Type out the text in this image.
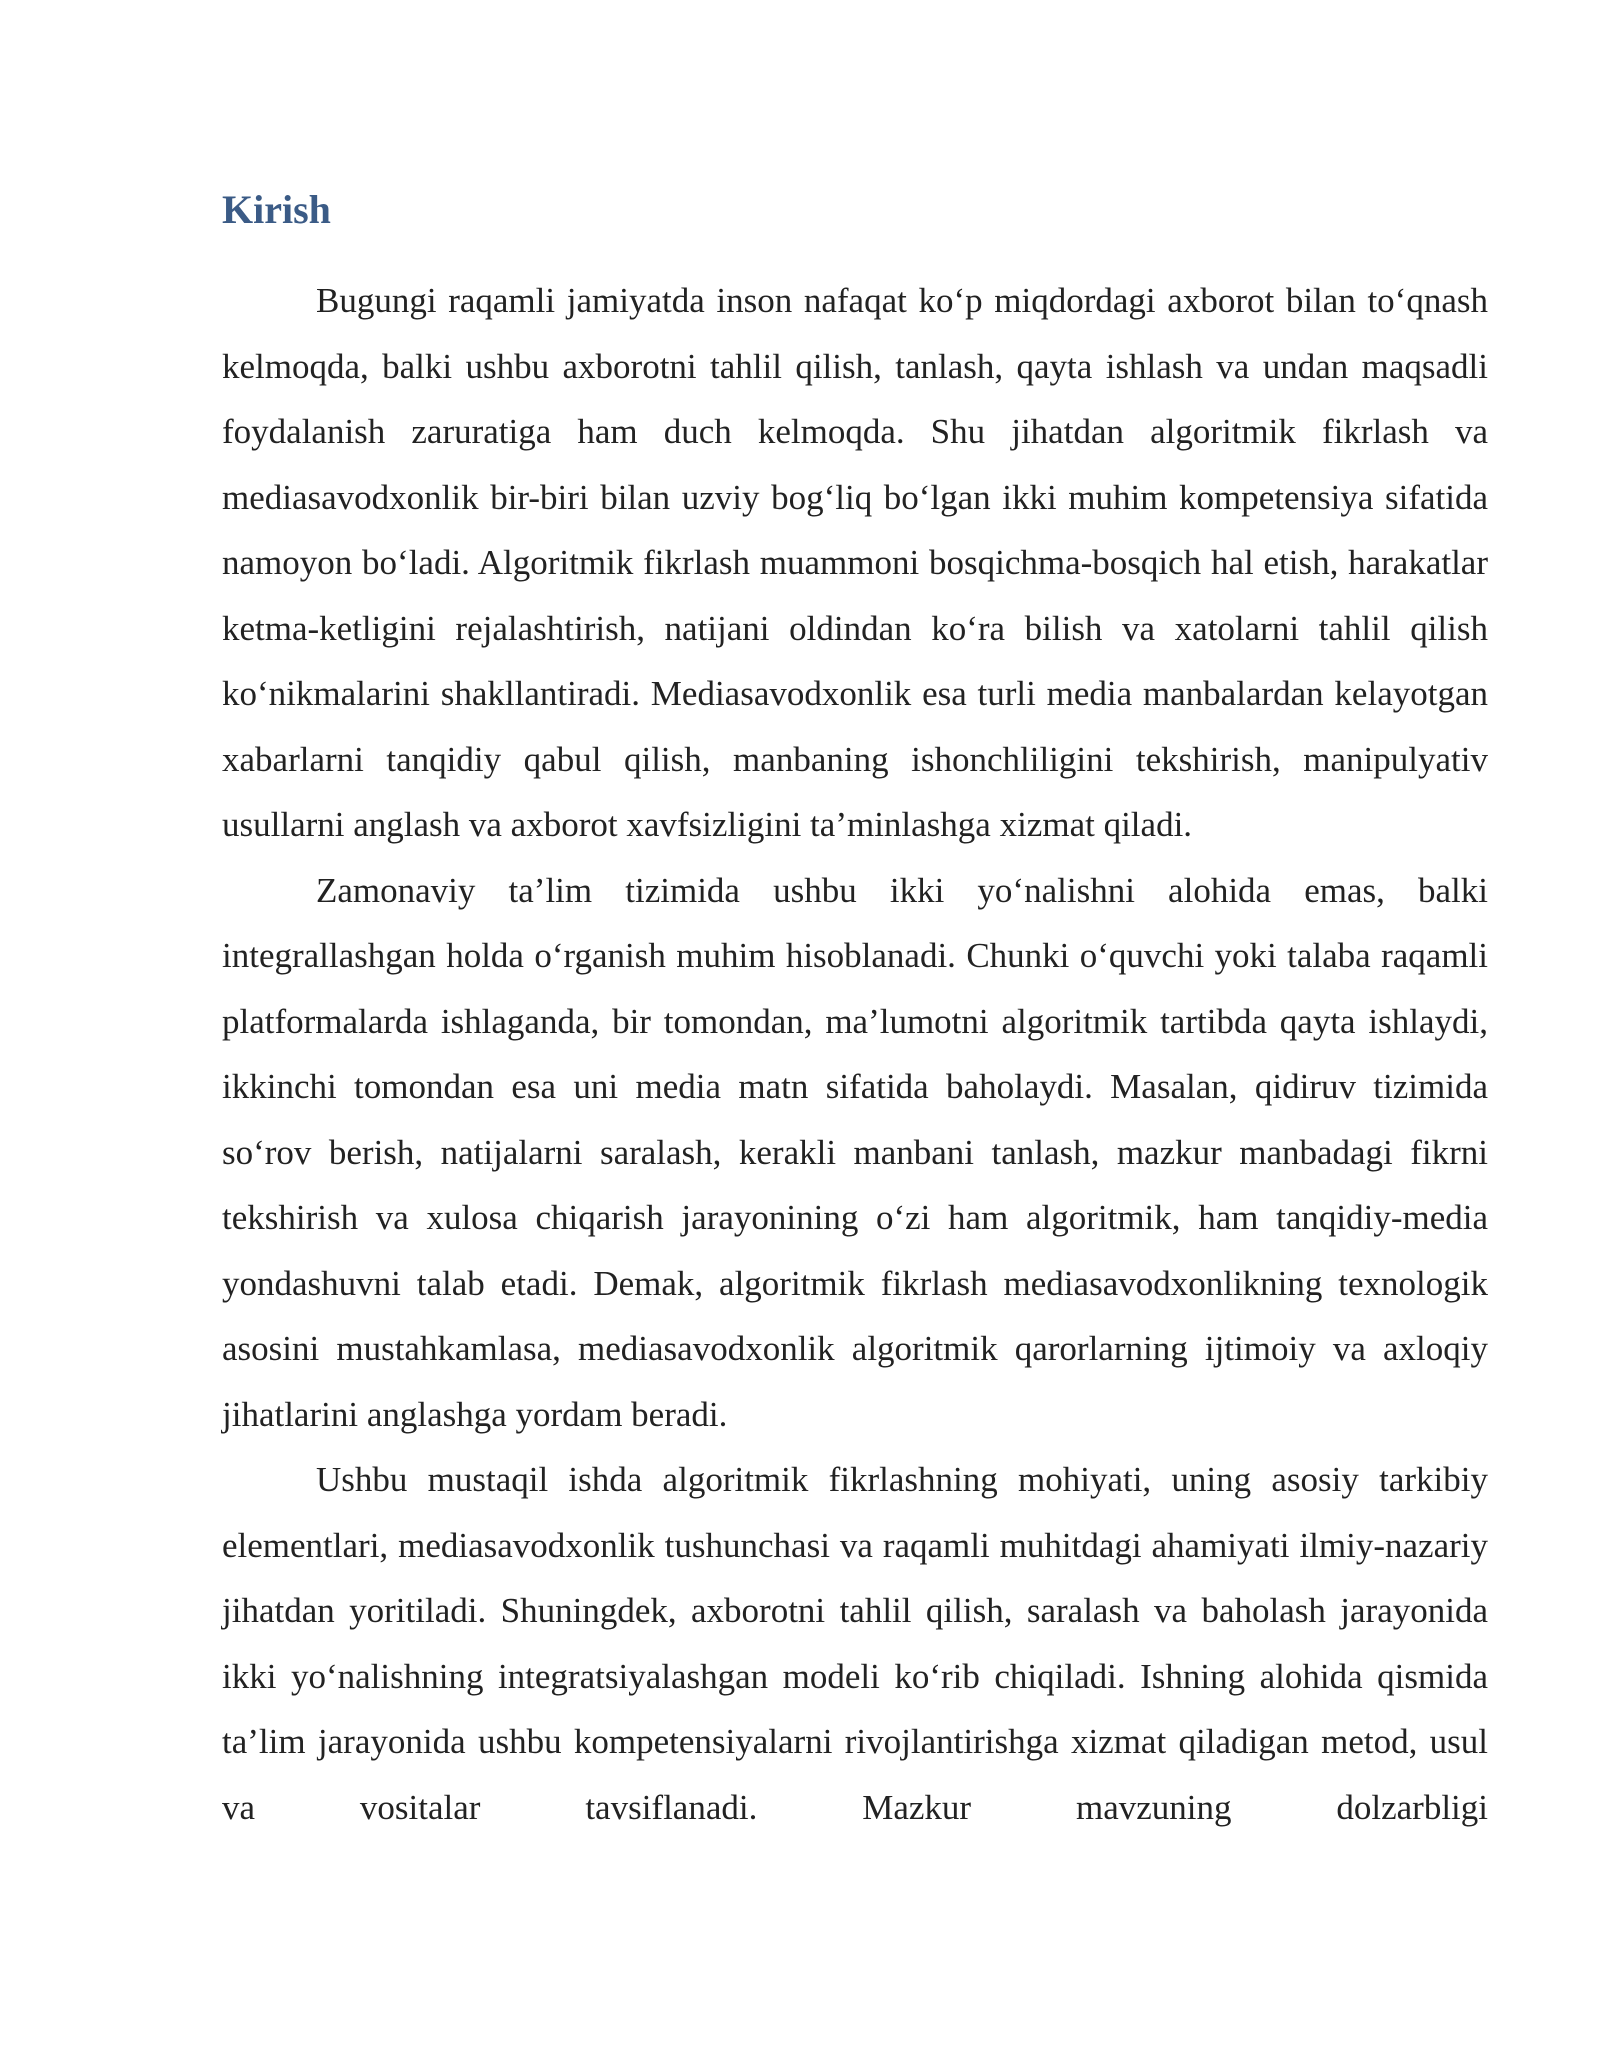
Kirish

Bugungi raqamli jamiyatda inson nafaqat koʻp miqdordagi axborot bilan toʻqnash kelmoqda, balki ushbu axborotni tahlil qilish, tanlash, qayta ishlash va undan maqsadli foydalanish zaruratiga ham duch kelmoqda. Shu jihatdan algoritmik fikrlash va mediasavodxonlik bir-biri bilan uzviy bogʻliq boʻlgan ikki muhim kompetensiya sifatida namoyon boʻladi. Algoritmik fikrlash muammoni bosqichma-bosqich hal etish, harakatlar ketma-ketligini rejalashtirish, natijani oldindan koʻra bilish va xatolarni tahlil qilish koʻnikmalarini shakllantiradi. Mediasavodxonlik esa turli media manbalardan kelayotgan xabarlarni tanqidiy qabul qilish, manbaning ishonchliligini tekshirish, manipulyativ usullarni anglash va axborot xavfsizligini ta’minlashga xizmat qiladi.

Zamonaviy ta’lim tizimida ushbu ikki yoʻnalishni alohida emas, balki integrallashgan holda oʻrganish muhim hisoblanadi. Chunki oʻquvchi yoki talaba raqamli platformalarda ishlaganda, bir tomondan, ma’lumotni algoritmik tartibda qayta ishlaydi, ikkinchi tomondan esa uni media matn sifatida baholaydi. Masalan, qidiruv tizimida soʻrov berish, natijalarni saralash, kerakli manbani tanlash, mazkur manbadagi fikrni tekshirish va xulosa chiqarish jarayonining oʻzi ham algoritmik, ham tanqidiy-media yondashuvni talab etadi. Demak, algoritmik fikrlash mediasavodxonlikning texnologik asosini mustahkamlasa, mediasavodxonlik algoritmik qarorlarning ijtimoiy va axloqiy jihatlarini anglashga yordam beradi.

Ushbu mustaqil ishda algoritmik fikrlashning mohiyati, uning asosiy tarkibiy elementlari, mediasavodxonlik tushunchasi va raqamli muhitdagi ahamiyati ilmiy-nazariy jihatdan yoritiladi. Shuningdek, axborotni tahlil qilish, saralash va baholash jarayonida ikki yoʻnalishning integratsiyalashgan modeli koʻrib chiqiladi. Ishning alohida qismida ta’lim jarayonida ushbu kompetensiyalarni rivojlantirishga xizmat qiladigan metod, usul va vositalar tavsiflanadi. Mazkur mavzuning dolzarbligi
